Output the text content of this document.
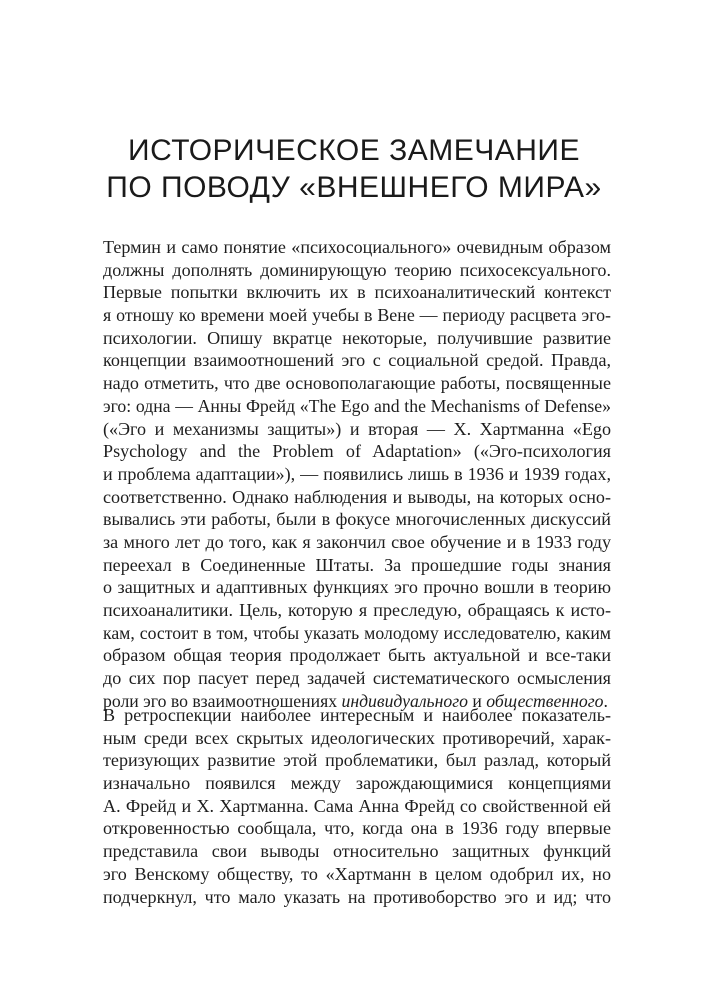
ИСТОРИЧЕСКОЕ ЗАМЕЧАНИЕ
ПО ПОВОДУ «ВНЕШНЕГО МИРА»

Термин и само понятие «психосоциального» очевидным образом
должны дополнять доминирующую теорию психосексуального.
Первые попытки включить их в психоаналитический контекст
я отношу ко времени моей учебы в Вене — периоду расцвета эго-
психологии. Опишу вкратце некоторые, получившие развитие
концепции взаимоотношений эго с социальной средой. Правда,
надо отметить, что две основополагающие работы, посвященные
эго: одна — Анны Фрейд «The Ego and the Mechanisms of Defense»
(«Эго и механизмы защиты») и вторая — Х. Хартманна «Ego
Psychology and the Problem of Adaptation» («Эго-психология
и проблема адаптации»), — появились лишь в 1936 и 1939 годах,
соответственно. Однако наблюдения и выводы, на которых осно-
вывались эти работы, были в фокусе многочисленных дискуссий
за много лет до того, как я закончил свое обучение и в 1933 году
переехал в Соединенные Штаты. За прошедшие годы знания
о защитных и адаптивных функциях эго прочно вошли в теорию
психоаналитики. Цель, которую я преследую, обращаясь к исто-
кам, состоит в том, чтобы указать молодому исследователю, каким
образом общая теория продолжает быть актуальной и все-таки
до сих пор пасует перед задачей систематического осмысления
роли эго во взаимоотношениях индивидуального и общественного.

В ретроспекции наиболее интересным и наиболее показатель-
ным среди всех скрытых идеологических противоречий, харак-
теризующих развитие этой проблематики, был разлад, который
изначально появился между зарождающимися концепциями
А. Фрейд и Х. Хартманна. Сама Анна Фрейд со свойственной ей
откровенностью сообщала, что, когда она в 1936 году впервые
представила свои выводы относительно защитных функций
эго Венскому обществу, то «Хартманн в целом одобрил их, но
подчеркнул, что мало указать на противоборство эго и ид; что
